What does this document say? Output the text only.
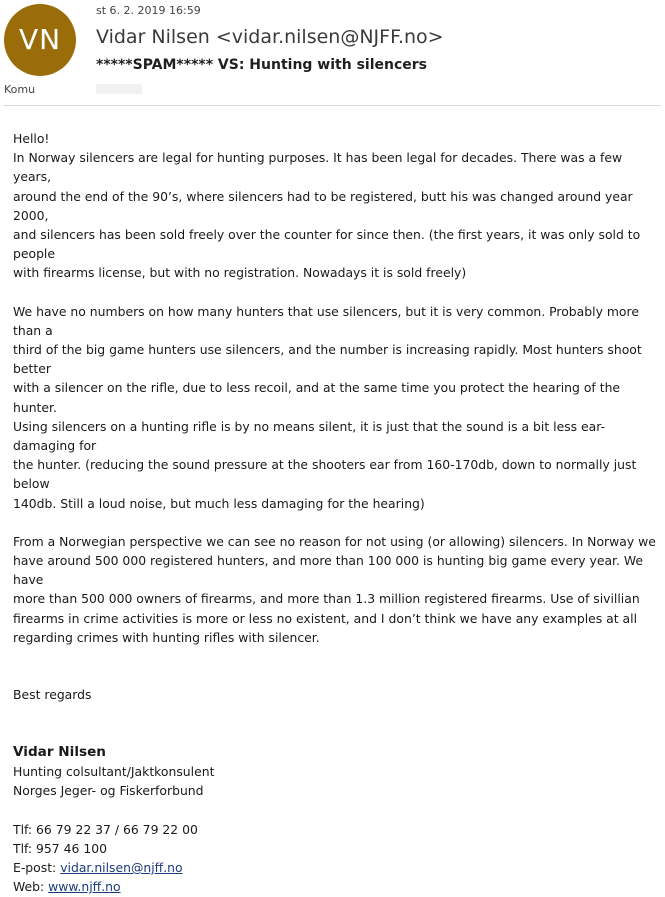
VN
st 6. 2. 2019 16:59
Vidar Nilsen <vidar.nilsen@NJFF.no>
*****SPAM***** VS: Hunting with silencers
Komu

Hello!

In Norway silencers are legal for hunting purposes. It has been legal for decades. There was a few years,
around the end of the 90’s, where silencers had to be registered, butt his was changed around year 2000,
and silencers has been sold freely over the counter for since then. (the first years, it was only sold to people
with firearms license, but with no registration. Nowadays it is sold freely)

We have no numbers on how many hunters that use silencers, but it is very common. Probably more than a
third of the big game hunters use silencers, and the number is increasing rapidly. Most hunters shoot better
with a silencer on the rifle, due to less recoil, and at the same time you protect the hearing of the hunter.
Using silencers on a hunting rifle is by no means silent, it is just that the sound is a bit less ear-damaging for
the hunter. (reducing the sound pressure at the shooters ear from 160-170db, down to normally just below
140db. Still a loud noise, but much less damaging for the hearing)

From a Norwegian perspective we can see no reason for not using (or allowing) silencers. In Norway we
have around 500 000 registered hunters, and more than 100 000 is hunting big game every year. We have
more than 500 000 owners of firearms, and more than 1.3 million registered firearms. Use of sivillian
firearms in crime activities is more or less no existent, and I don’t think we have any examples at all
regarding crimes with hunting rifles with silencer.

Best regards

Vidar Nilsen

Hunting colsultant/Jaktkonsulent

Norges Jeger- og Fiskerforbund

Tlf: 66 79 22 37 / 66 79 22 00

Tlf: 957 46 100

E-post: vidar.nilsen@njff.no

Web: www.njff.no
